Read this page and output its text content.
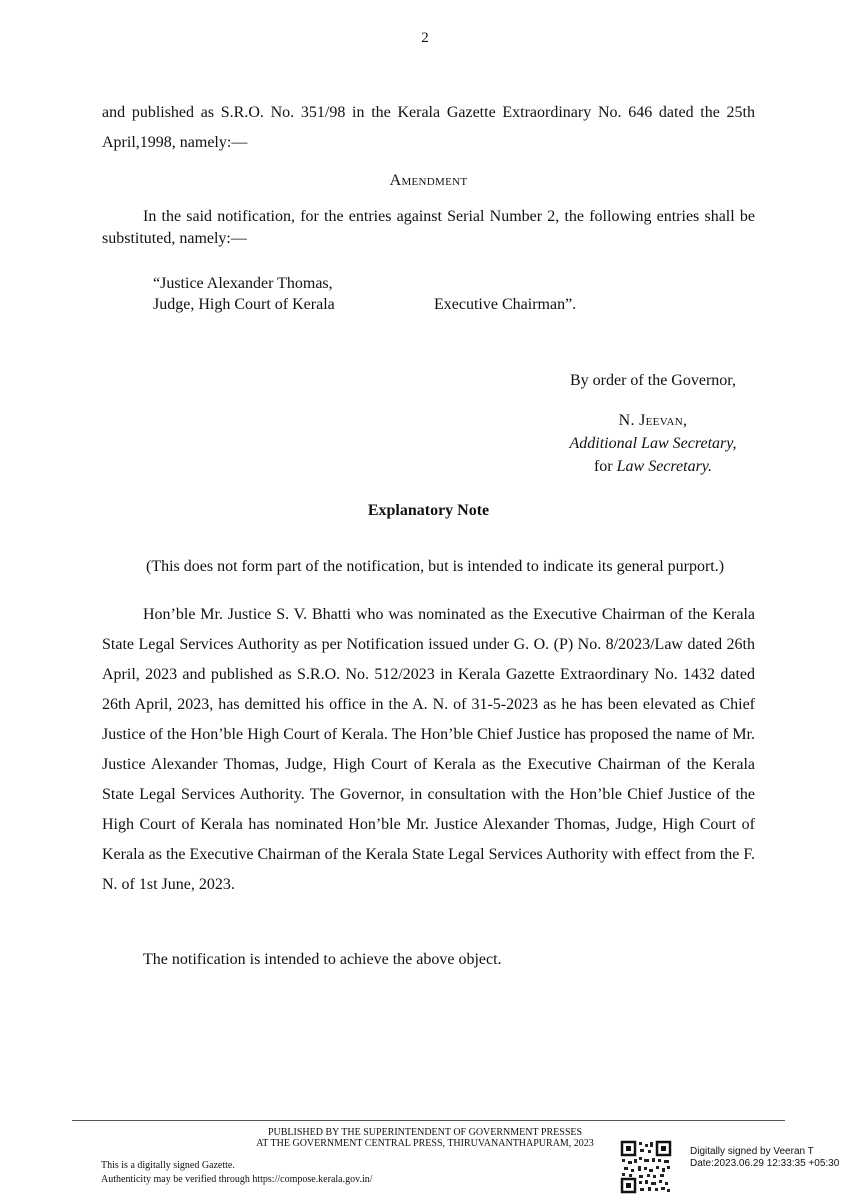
2
and published as S.R.O. No. 351/98 in the Kerala Gazette Extraordinary No. 646 dated the 25th April,1998, namely:—
Amendment
In the said notification, for the entries against Serial Number 2, the following entries shall be substituted, namely:—
“Justice Alexander Thomas,
Judge, High Court of Kerala	Executive Chairman”.
By order of the Governor,
N. Jeevan,
Additional Law Secretary,
for Law Secretary.
Explanatory Note
(This does not form part of the notification, but is intended to indicate its general purport.)
Hon’ble Mr. Justice S. V. Bhatti who was nominated as the Executive Chairman of the Kerala State Legal Services Authority as per Notification issued under G. O. (P) No. 8/2023/Law dated 26th April, 2023 and published as S.R.O. No. 512/2023 in Kerala Gazette Extraordinary No. 1432 dated 26th April, 2023, has demitted his office in the A. N. of 31-5-2023 as he has been elevated as Chief Justice of the Hon’ble High Court of Kerala. The Hon’ble Chief Justice has proposed the name of Mr. Justice Alexander Thomas, Judge, High Court of Kerala as the Executive Chairman of the Kerala State Legal Services Authority. The Governor, in consultation with the Hon’ble Chief Justice of the High Court of Kerala has nominated Hon’ble Mr. Justice Alexander Thomas, Judge, High Court of Kerala as the Executive Chairman of the Kerala State Legal Services Authority with effect from the F. N. of 1st June, 2023.
The notification is intended to achieve the above object.
PUBLISHED BY THE SUPERINTENDENT OF GOVERNMENT PRESSES
AT THE GOVERNMENT CENTRAL PRESS, THIRUVANANTHAPURAM, 2023
This is a digitally signed Gazette.
Authenticity may be verified through https://compose.kerala.gov.in/
Digitally signed by Veeran T
Date:2023.06.29 12:33:35 +05:30
